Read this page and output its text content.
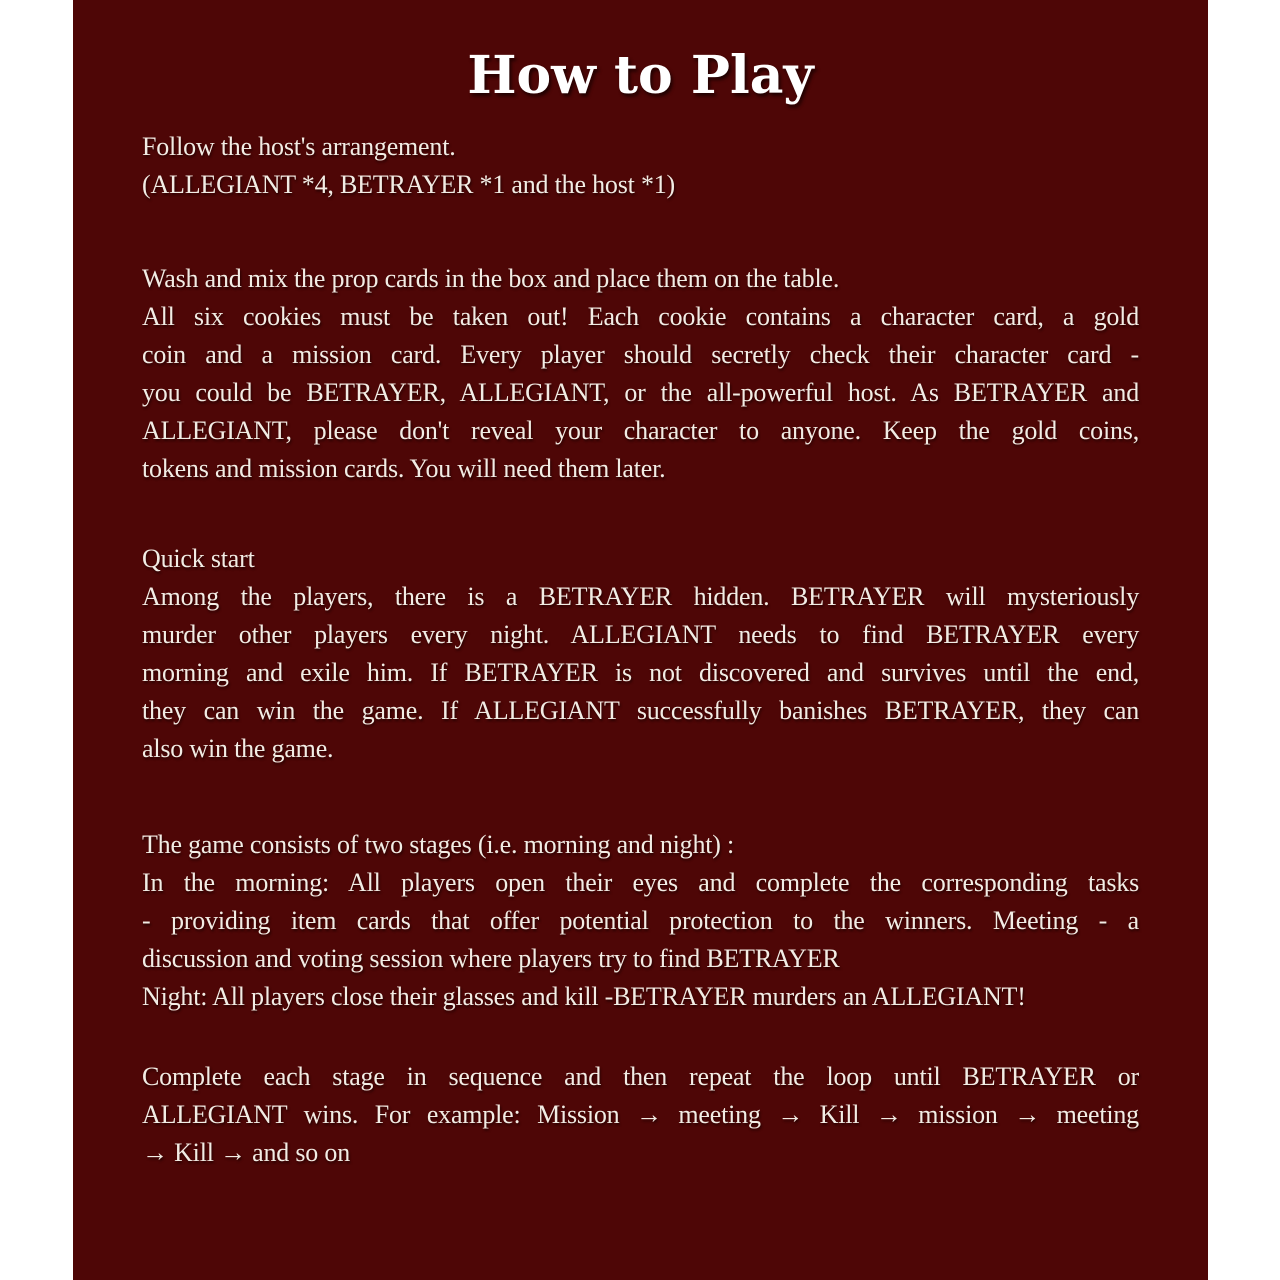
How to Play
Follow the host's arrangement.
(ALLEGIANT *4, BETRAYER *1 and the host *1)
Wash and mix the prop cards in the box and place them on the table.
All six cookies must be taken out! Each cookie contains a character card, a gold
coin and a mission card. Every player should secretly check their character card -
you could be BETRAYER, ALLEGIANT, or the all-powerful host. As BETRAYER and
ALLEGIANT, please don't reveal your character to anyone. Keep the gold coins,
tokens and mission cards. You will need them later.
Quick start
Among the players, there is a BETRAYER hidden. BETRAYER will mysteriously
murder other players every night. ALLEGIANT needs to find BETRAYER every
morning and exile him. If BETRAYER is not discovered and survives until the end,
they can win the game. If ALLEGIANT successfully banishes BETRAYER, they can
also win the game.
The game consists of two stages (i.e. morning and night) :
In the morning: All players open their eyes and complete the corresponding tasks
- providing item cards that offer potential protection to the winners. Meeting - a
discussion and voting session where players try to find BETRAYER
Night: All players close their glasses and kill -BETRAYER murders an ALLEGIANT!
Complete each stage in sequence and then repeat the loop until BETRAYER or
ALLEGIANT wins. For example: Mission → meeting → Kill → mission → meeting
→ Kill → and so on
